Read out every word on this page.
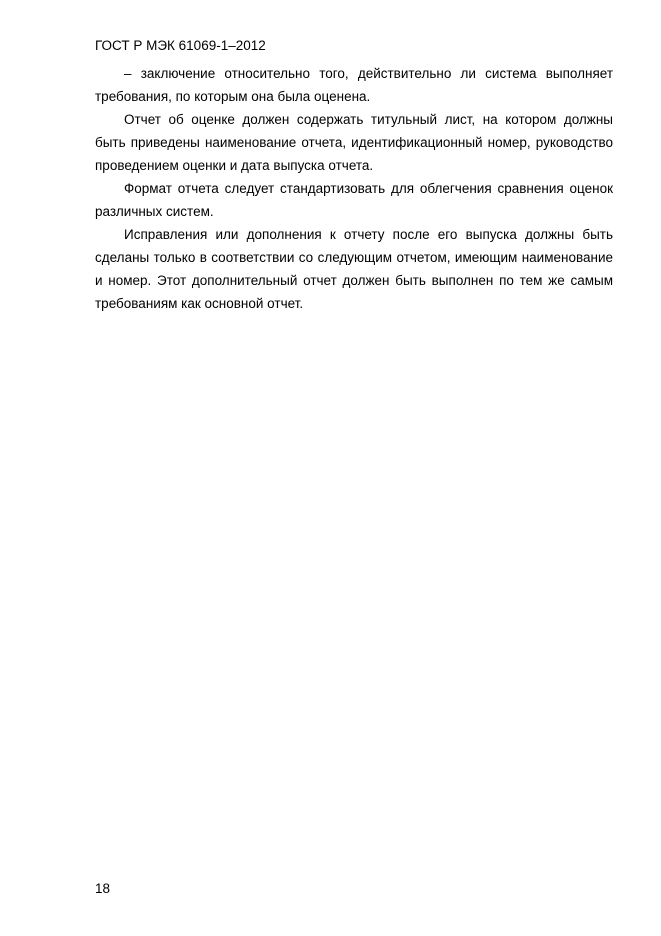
ГОСТ Р МЭК 61069-1–2012

– заключение относительно того, действительно ли система выполняет требования, по которым она была оценена.

Отчет об оценке должен содержать титульный лист, на котором должны быть приведены наименование отчета, идентификационный номер, руководство проведением оценки и дата выпуска отчета.

Формат отчета следует стандартизовать для облегчения сравнения оценок различных систем.

Исправления или дополнения к отчету после его выпуска должны быть сделаны только в соответствии со следующим отчетом, имеющим наименование и номер. Этот дополнительный отчет должен быть выполнен по тем же самым требованиям как основной отчет.

18
